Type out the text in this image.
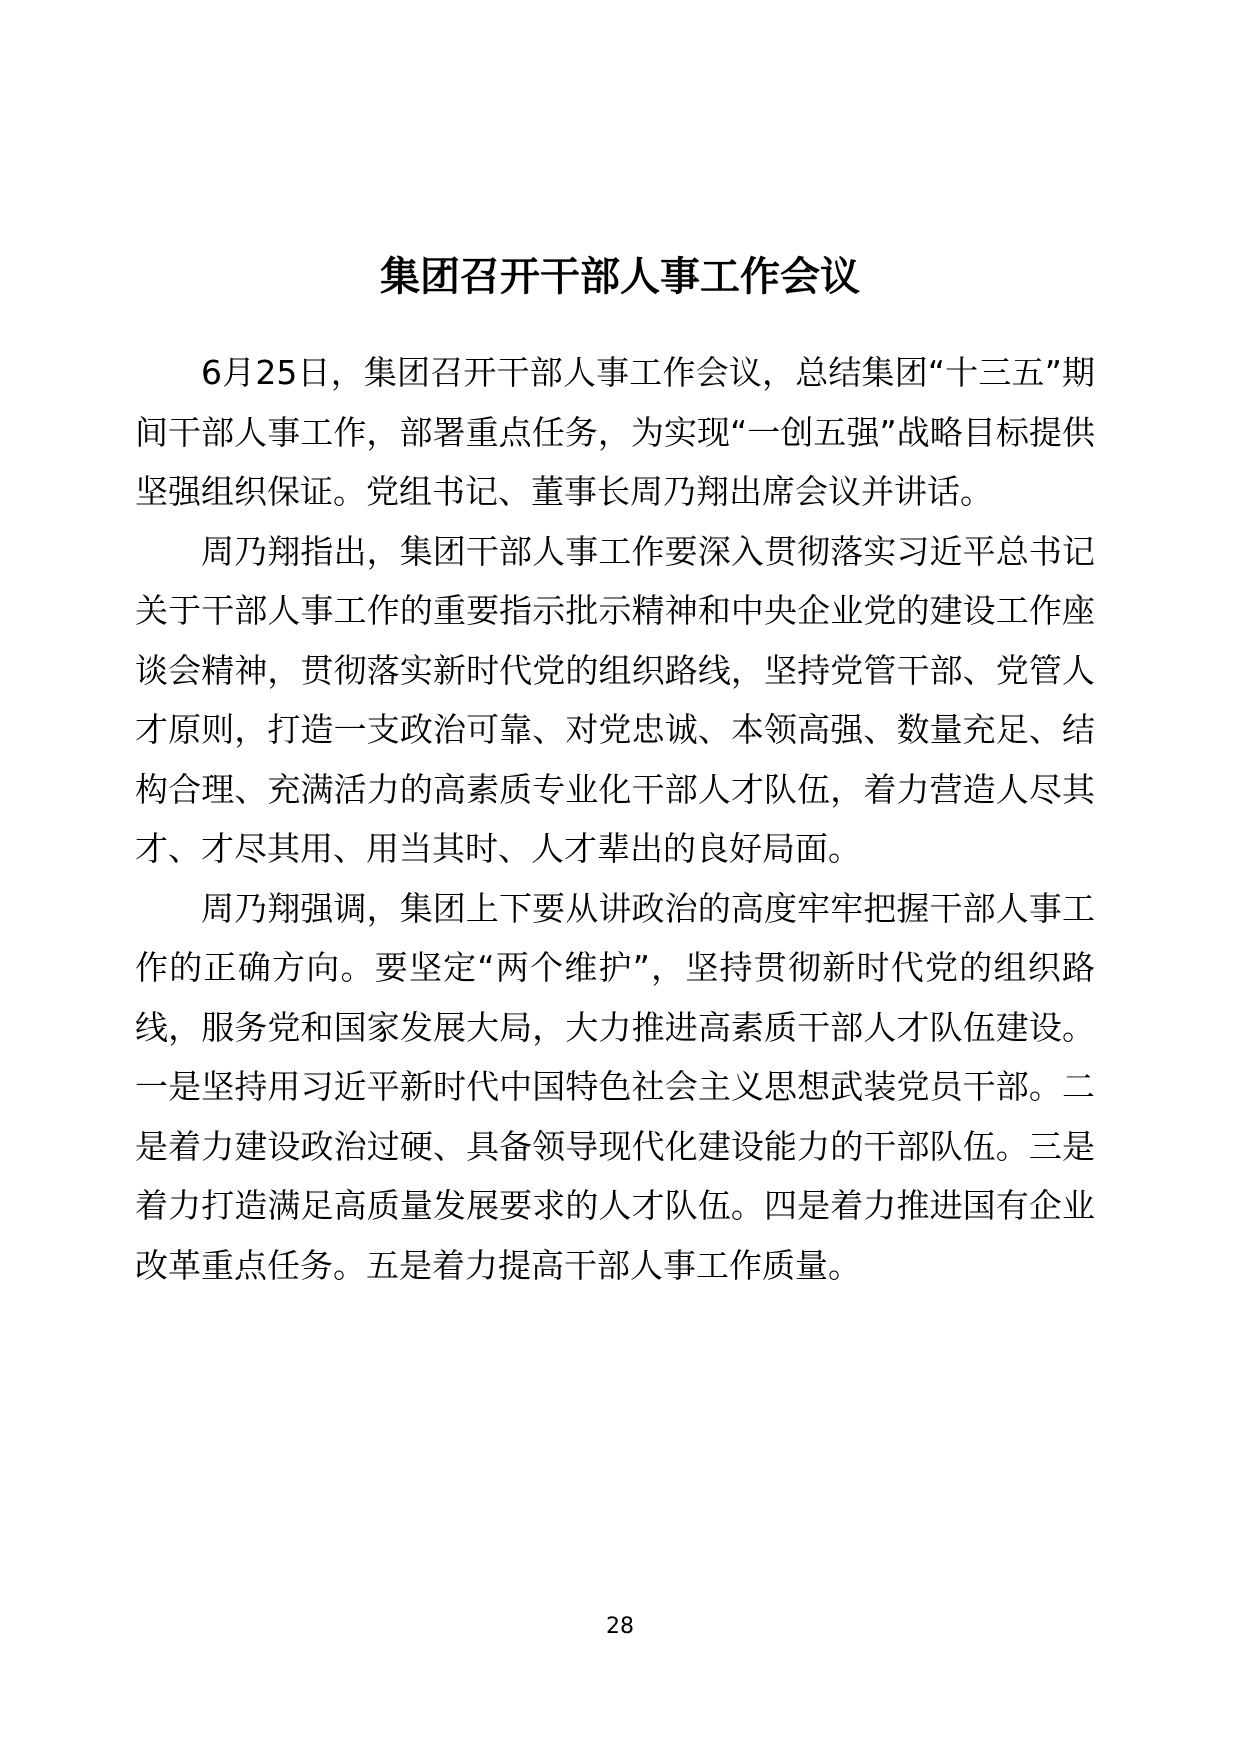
集团召开干部人事工作会议

6月25日，集团召开干部人事工作会议，总结集团“十三五”期间干部人事工作，部署重点任务，为实现“一创五强”战略目标提供坚强组织保证。党组书记、董事长周乃翔出席会议并讲话。

周乃翔指出，集团干部人事工作要深入贯彻落实习近平总书记关于干部人事工作的重要指示批示精神和中央企业党的建设工作座谈会精神，贯彻落实新时代党的组织路线，坚持党管干部、党管人才原则，打造一支政治可靠、对党忠诚、本领高强、数量充足、结构合理、充满活力的高素质专业化干部人才队伍，着力营造人尽其才、才尽其用、用当其时、人才辈出的良好局面。

周乃翔强调，集团上下要从讲政治的高度牢牢把握干部人事工作的正确方向。要坚定“两个维护”，坚持贯彻新时代党的组织路线，服务党和国家发展大局，大力推进高素质干部人才队伍建设。一是坚持用习近平新时代中国特色社会主义思想武装党员干部。二是着力建设政治过硬、具备领导现代化建设能力的干部队伍。三是着力打造满足高质量发展要求的人才队伍。四是着力推进国有企业改革重点任务。五是着力提高干部人事工作质量。

28
